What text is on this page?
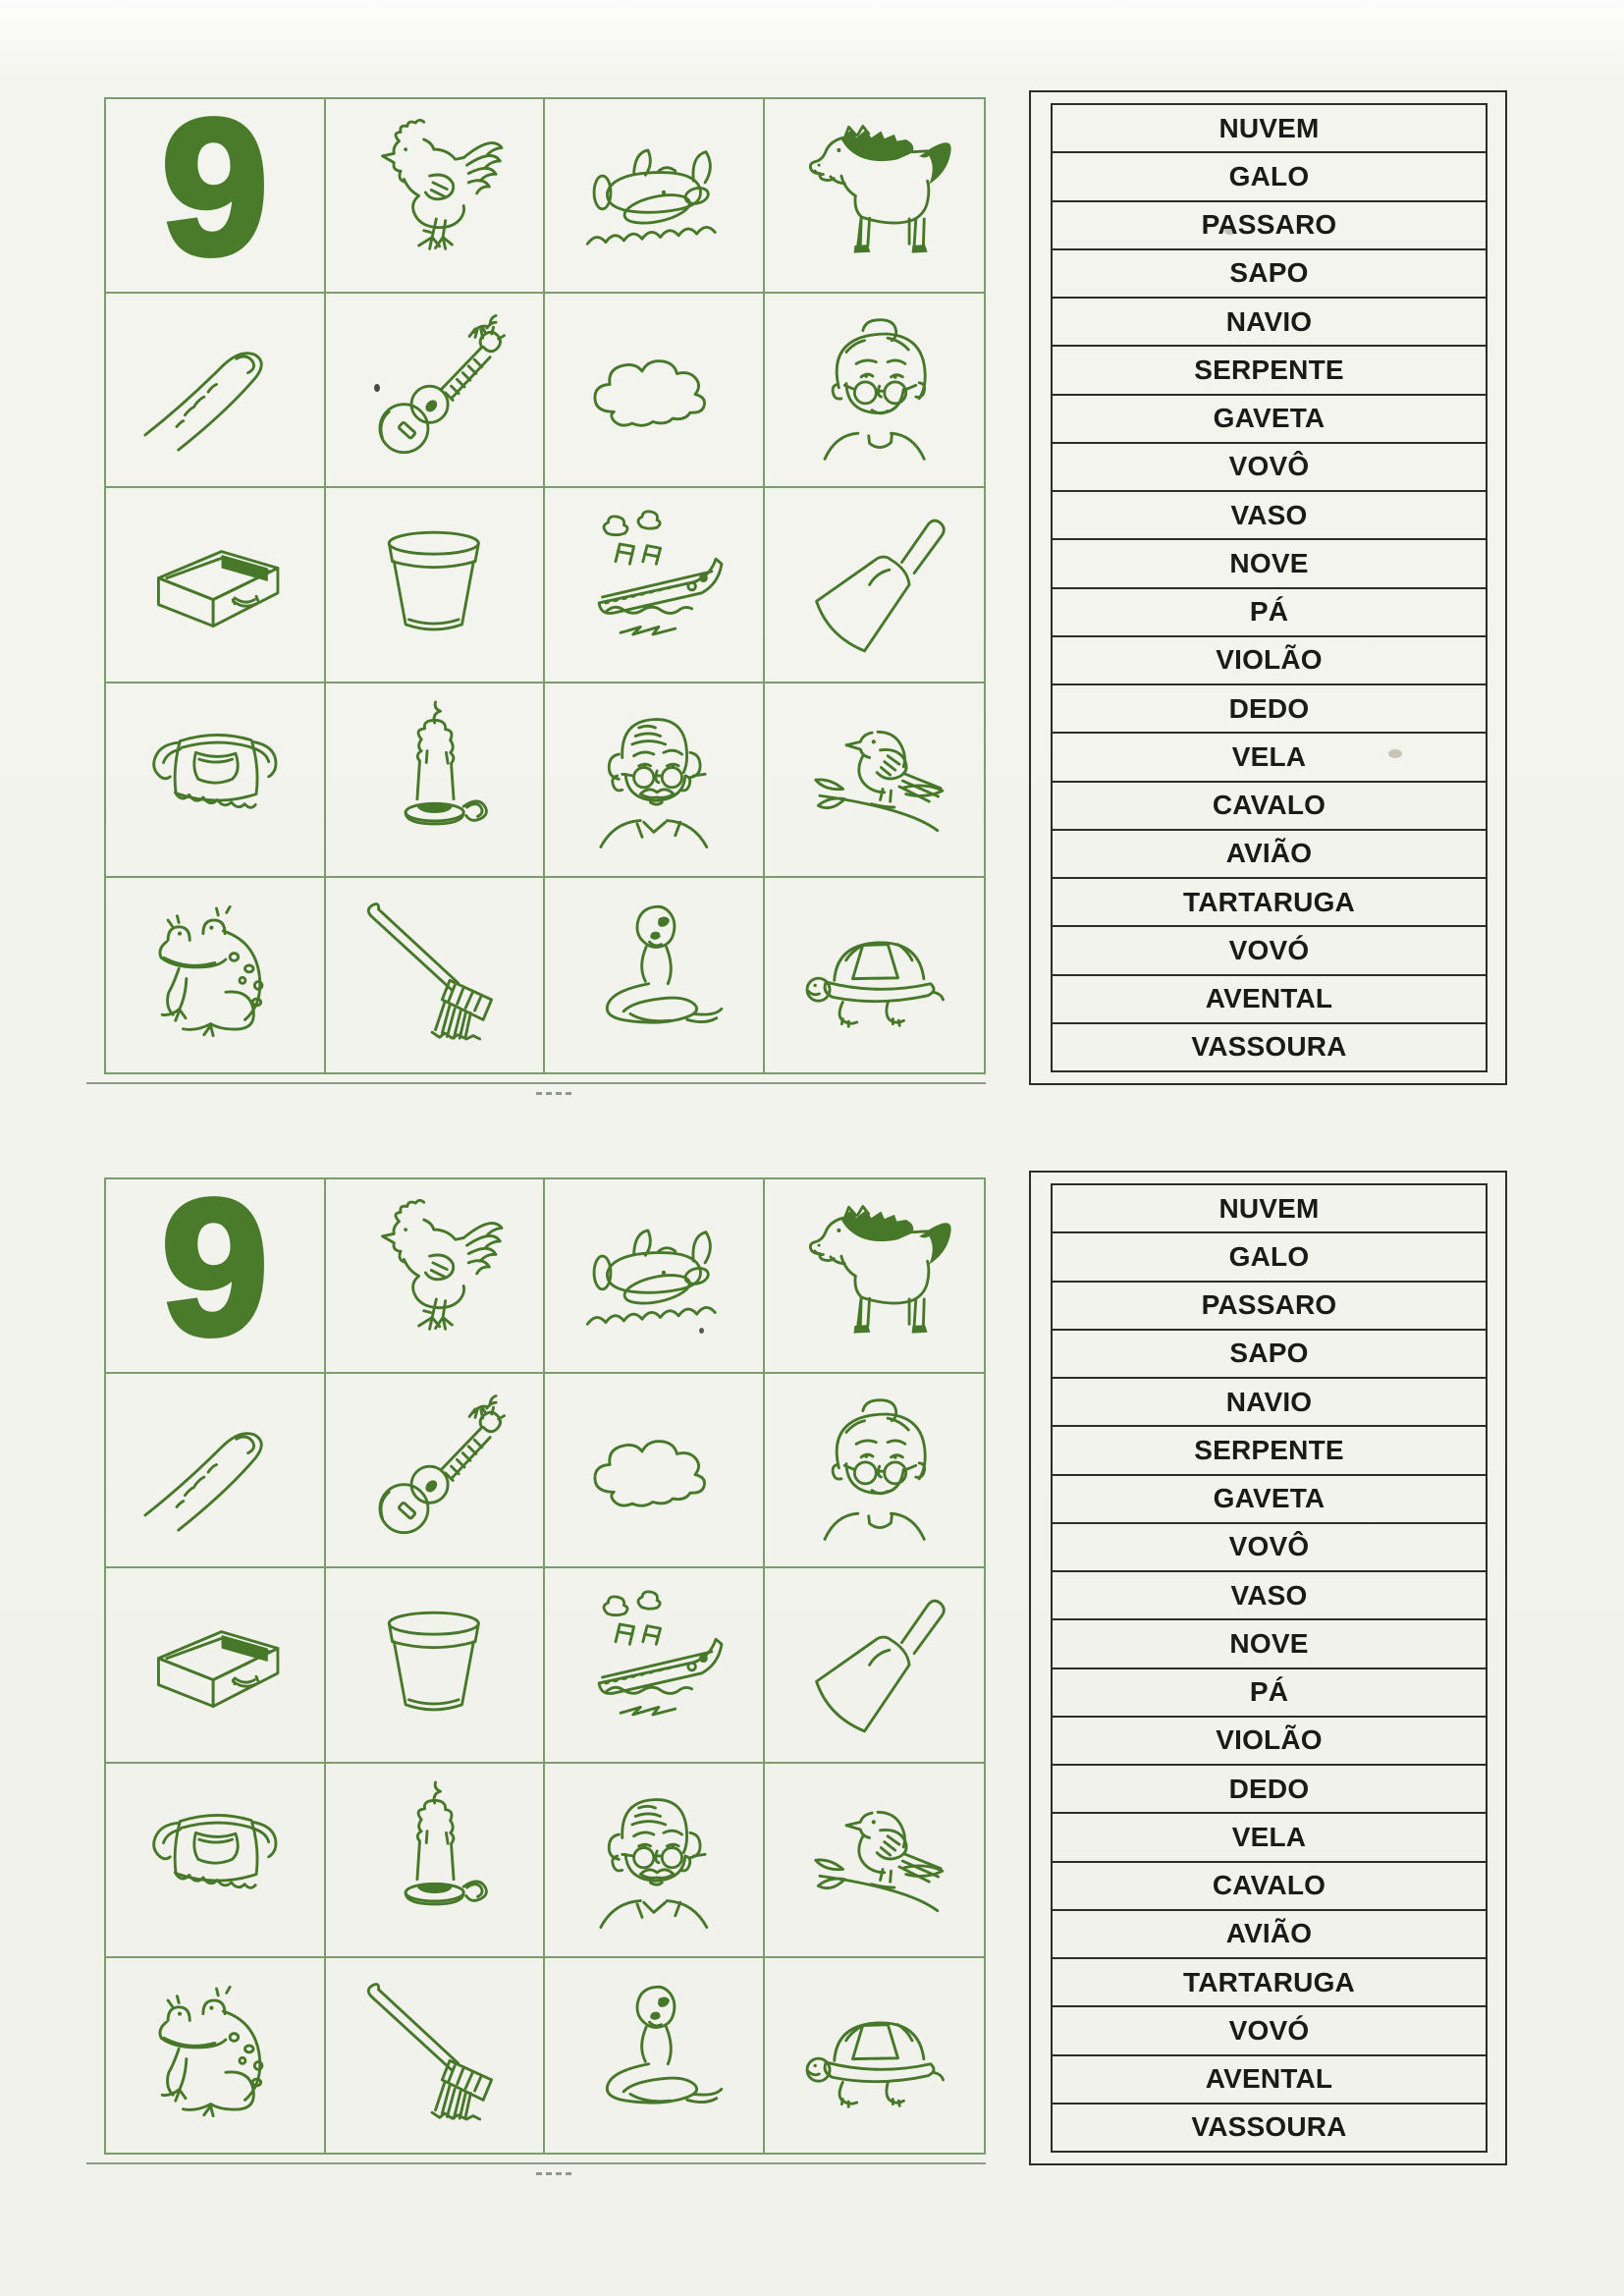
9	NUVEM
GALO
PASSARO
SAPO
NAVIO
SERPENTE
GAVETA
VOVÔ
VASO
NOVE
PÁ
VIOLÃO
DEDO
VELA
CAVALO
AVIÃO
TARTARUGA
VOVÓ
AVENTAL
VASSOURA
9	NUVEM
GALO
PASSARO
SAPO
NAVIO
SERPENTE
GAVETA
VOVÔ
VASO
NOVE
PÁ
VIOLÃO
DEDO
VELA
CAVALO
AVIÃO
TARTARUGA
VOVÓ
AVENTAL
VASSOURA
